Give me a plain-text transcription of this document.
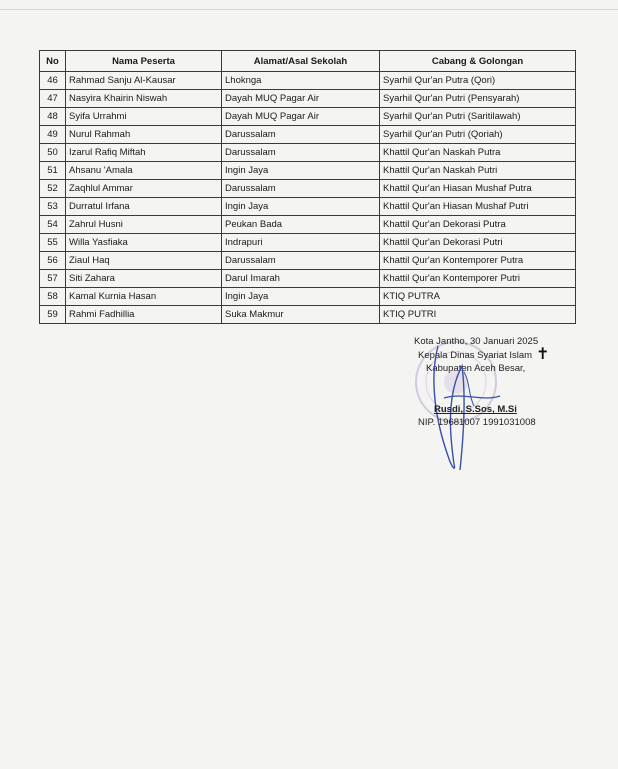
No	Nama Peserta	Alamat/Asal Sekolah	Cabang & Golongan
46	Rahmad Sanju Al-Kausar	Lhoknga	Syarhil Qur'an Putra (Qori)
47	Nasyira Khairin Niswah	Dayah MUQ Pagar Air	Syarhil Qur'an Putri (Pensyarah)
48	Syifa Urrahmi	Dayah MUQ Pagar Air	Syarhil Qur'an Putri (Saritilawah)
49	Nurul Rahmah	Darussalam	Syarhil Qur'an Putri (Qoriah)
50	Izarul Rafiq Miftah	Darussalam	Khattil Qur'an Naskah Putra
51	Ahsanu 'Amala	Ingin Jaya	Khattil Qur'an Naskah Putri
52	Zaqhlul Ammar	Darussalam	Khattil Qur'an Hiasan Mushaf Putra
53	Durratul Irfana	Ingin Jaya	Khattil Qur'an Hiasan Mushaf Putri
54	Zahrul Husni	Peukan Bada	Khattil Qur'an Dekorasi Putra
55	Willa Yasfiaka	Indrapuri	Khattil Qur'an Dekorasi Putri
56	Ziaul Haq	Darussalam	Khattil Qur'an Kontemporer Putra
57	Siti Zahara	Darul Imarah	Khattil Qur'an Kontemporer Putri
58	Kamal Kurnia Hasan	Ingin Jaya	KTIQ PUTRA
59	Rahmi Fadhillia	Suka Makmur	KTIQ PUTRI
Kota Jantho, 30 Januari 2025
Kepala Dinas Syariat Islam
Kabupaten Aceh Besar,
✝
Rusdi, S.Sos, M.Si
NIP. 19681007 1991031008
